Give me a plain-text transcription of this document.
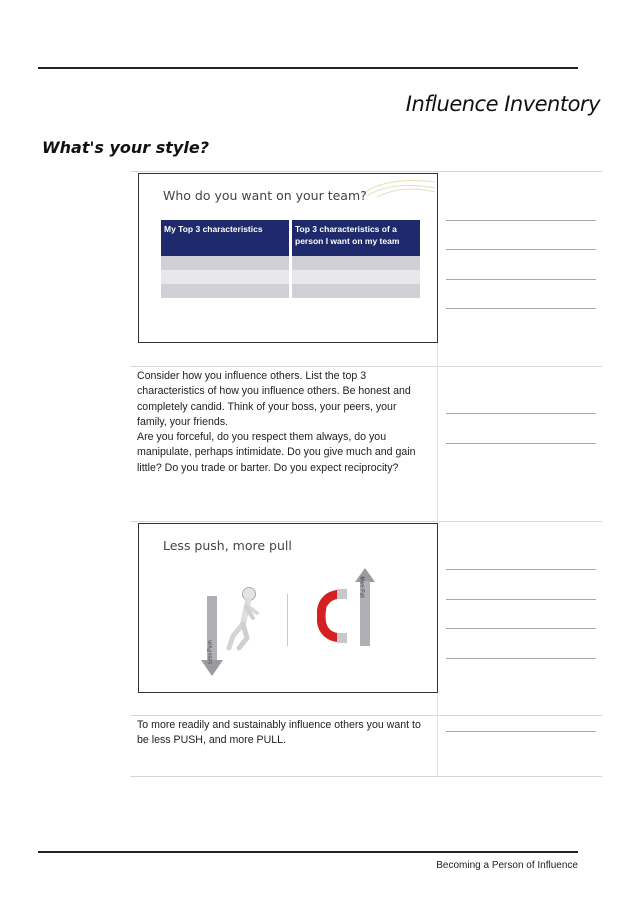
Influence Inventory
What's your style?
Who do you want on your team?
My Top 3 characteristics	Top 3 characteristics of a person I want on my team

Consider how you influence others. List the top 3 characteristics of how you influence others. Be honest and completely candid. Think of your boss, your peers, your family, your friends.

Are you forceful, do you respect them always, do you manipulate, perhaps intimidate. Do you give much and gain little? Do you trade or barter. Do you expect reciprocity?

Less push, more pull
Less Push
More Pull

To more readily and sustainably influence others you want to be less PUSH, and more PULL.

Becoming a Person of Influence
